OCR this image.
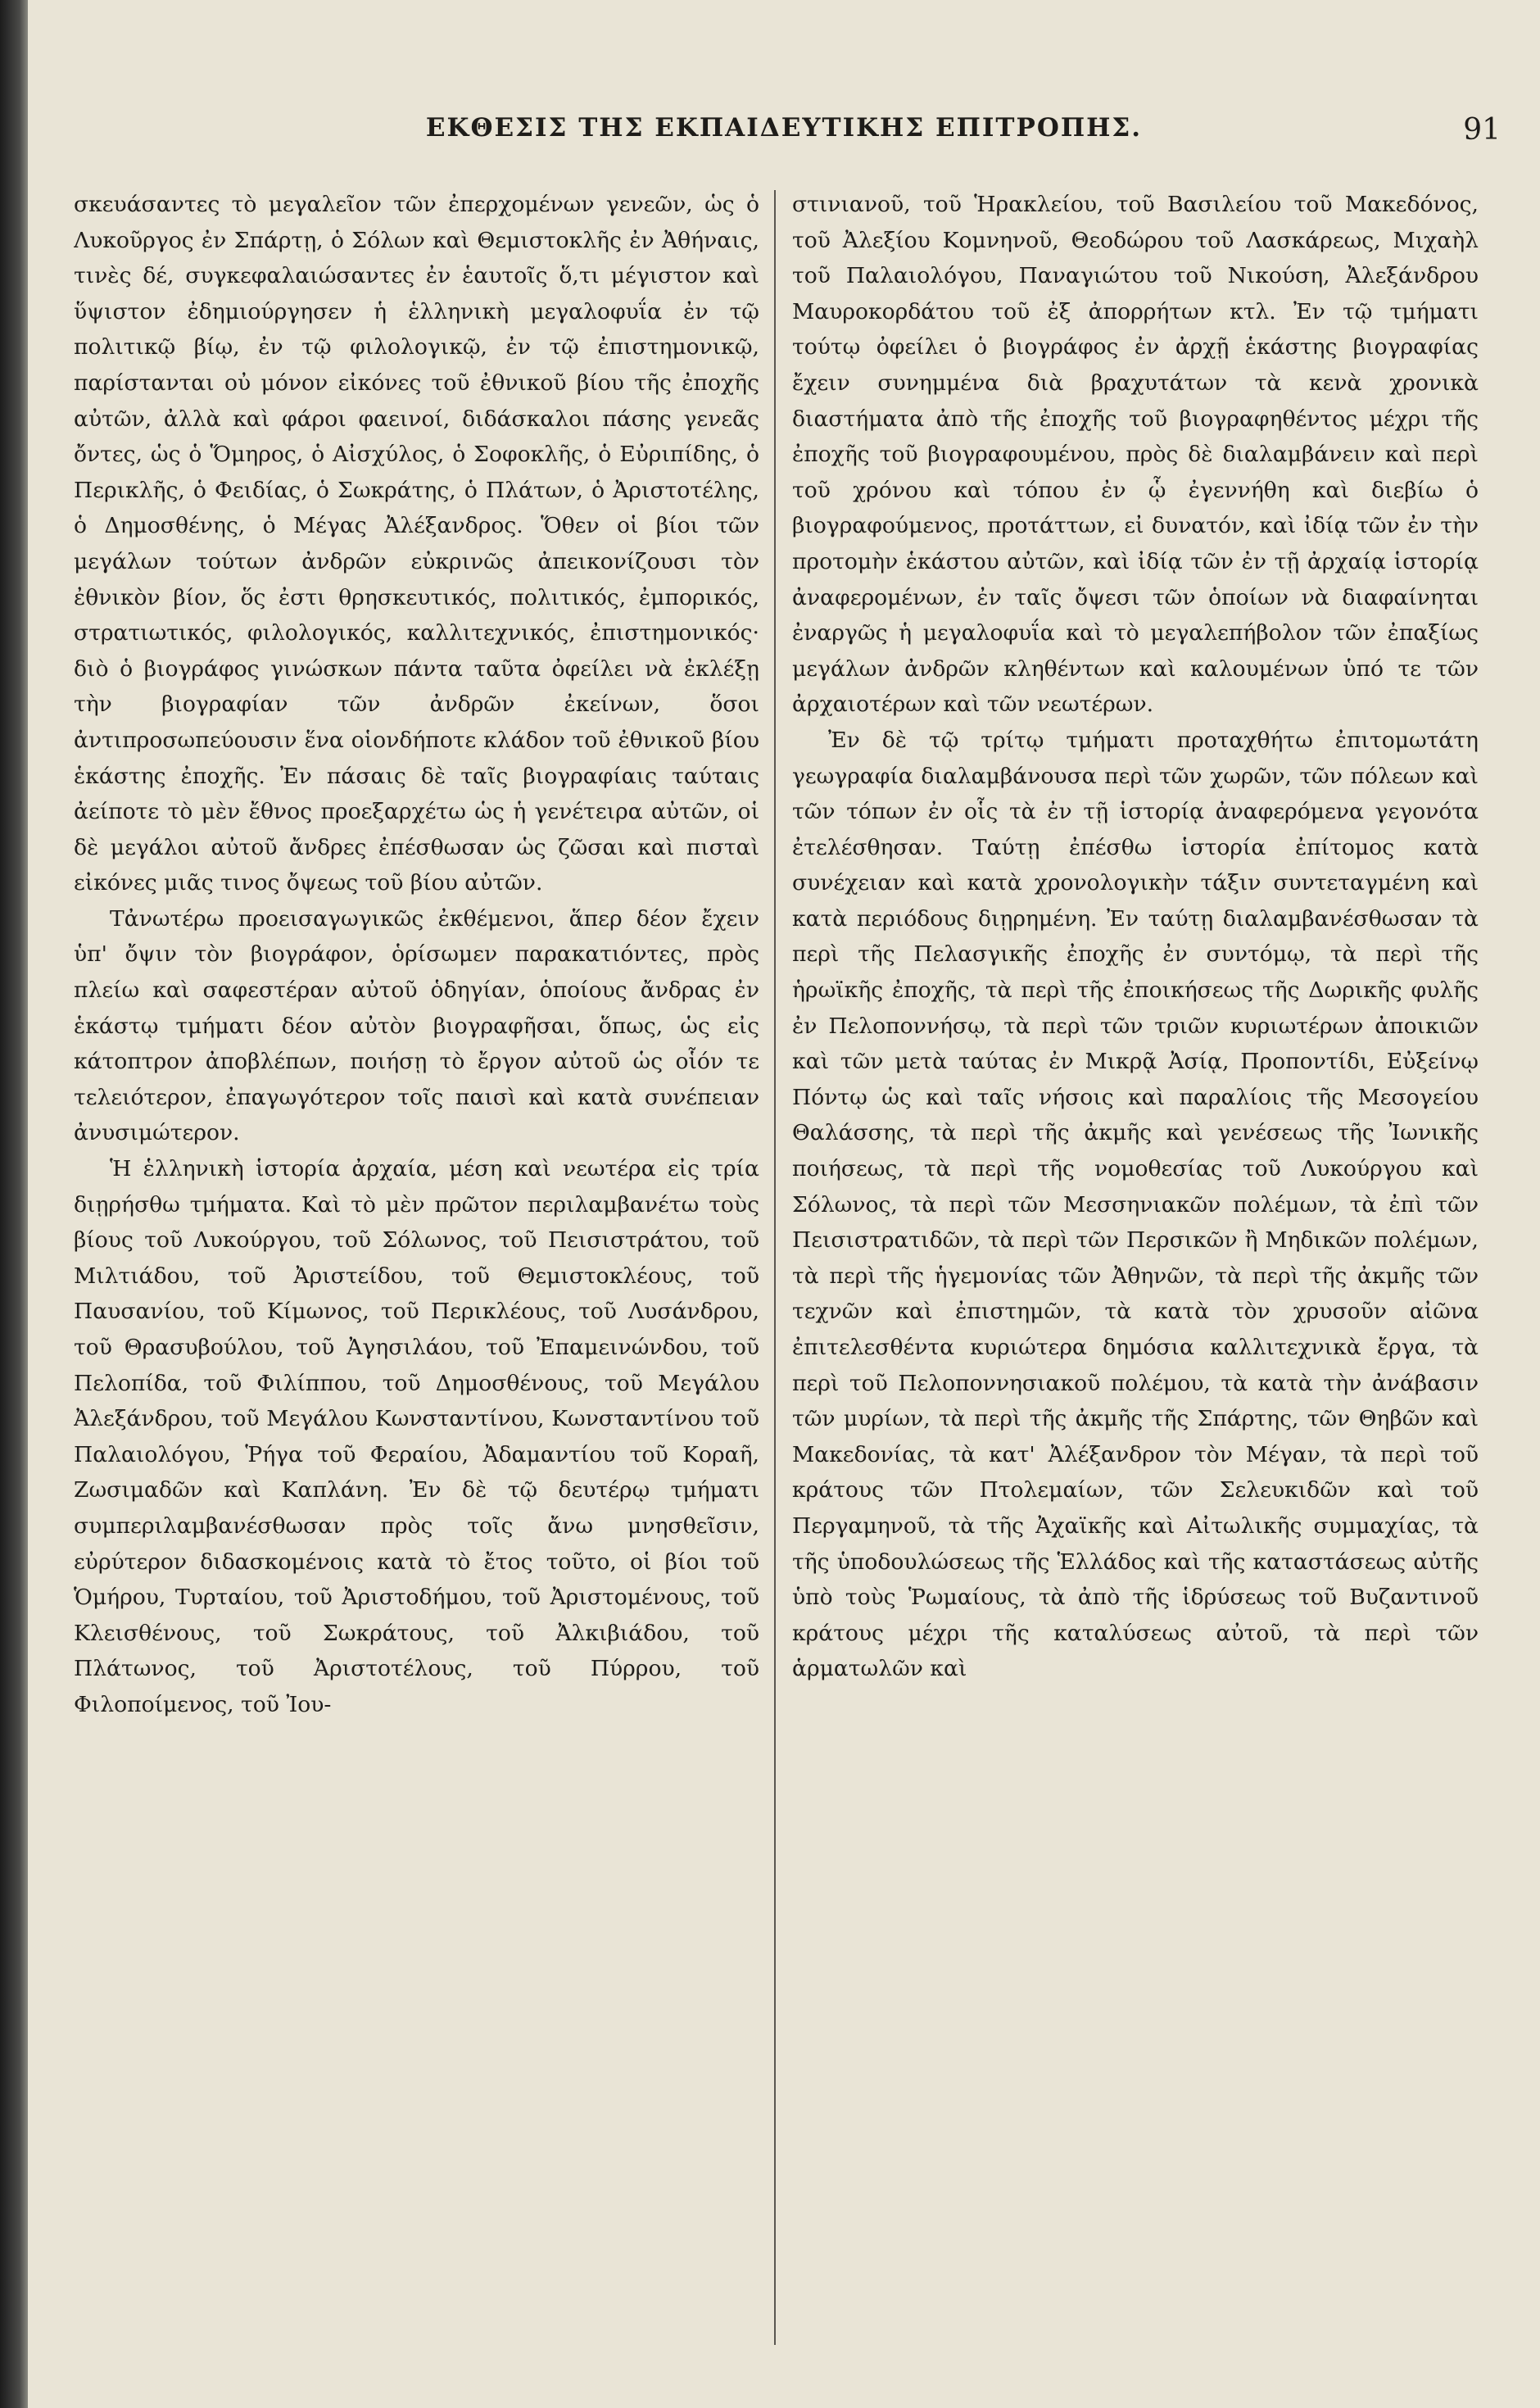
ΕΚΘΕΣΙΣ ΤΗΣ ΕΚΠΑΙΔΕΥΤΙΚΗΣ ΕΠΙΤΡΟΠΗΣ.	91

σκευάσαντες τὸ μεγαλεῖον τῶν ἐπερχομένων γενεῶν, ὡς ὁ Λυκοῦργος ἐν Σπάρτῃ, ὁ Σόλων καὶ Θεμιστοκλῆς ἐν Ἀθήναις, τινὲς δέ, συγκεφαλαιώσαντες ἐν ἑαυτοῖς ὅ,τι μέγιστον καὶ ὕψιστον ἐδημιούργησεν ἡ ἑλληνικὴ μεγαλοφυΐα ἐν τῷ πολιτικῷ βίῳ, ἐν τῷ φιλολογικῷ, ἐν τῷ ἐπιστημονικῷ, παρίστανται οὐ μόνον εἰκόνες τοῦ ἐθνικοῦ βίου τῆς ἐποχῆς αὐτῶν, ἀλλὰ καὶ φάροι φαεινοί, διδάσκαλοι πάσης γενεᾶς ὄντες, ὡς ὁ Ὅμηρος, ὁ Αἰσχύλος, ὁ Σοφοκλῆς, ὁ Εὐριπίδης, ὁ Περικλῆς, ὁ Φειδίας, ὁ Σωκράτης, ὁ Πλάτων, ὁ Ἀριστοτέλης, ὁ Δημοσθένης, ὁ Μέγας Ἀλέξανδρος. Ὅθεν οἱ βίοι τῶν μεγάλων τούτων ἀνδρῶν εὐκρινῶς ἀπεικονίζουσι τὸν ἐθνικὸν βίον, ὅς ἐστι θρησκευτικός, πολιτικός, ἐμπορικός, στρατιωτικός, φιλολογικός, καλλιτεχνικός, ἐπιστημονικός· διὸ ὁ βιογράφος γινώσκων πάντα ταῦτα ὀφείλει νὰ ἐκλέξῃ τὴν βιογραφίαν τῶν ἀνδρῶν ἐκείνων, ὅσοι ἀντιπροσωπεύουσιν ἕνα οἱονδήποτε κλάδον τοῦ ἐθνικοῦ βίου ἑκάστης ἐποχῆς. Ἐν πάσαις δὲ ταῖς βιογραφίαις ταύταις ἀείποτε τὸ μὲν ἔθνος προεξαρχέτω ὡς ἡ γενέτειρα αὐτῶν, οἱ δὲ μεγάλοι αὐτοῦ ἄνδρες ἐπέσθωσαν ὡς ζῶσαι καὶ πισταὶ εἰκόνες μιᾶς τινος ὄψεως τοῦ βίου αὐτῶν.

Τἀνωτέρω προεισαγωγικῶς ἐκθέμενοι, ἅπερ δέον ἔχειν ὑπ' ὄψιν τὸν βιογράφον, ὁρίσωμεν παρακατιόντες, πρὸς πλείω καὶ σαφεστέραν αὐτοῦ ὁδηγίαν, ὁποίους ἄνδρας ἐν ἑκάστῳ τμήματι δέον αὐτὸν βιογραφῆσαι, ὅπως, ὡς εἰς κάτοπτρον ἀποβλέπων, ποιήσῃ τὸ ἔργον αὐτοῦ ὡς οἷόν τε τελειότερον, ἐπαγωγότερον τοῖς παισὶ καὶ κατὰ συνέπειαν ἀνυσιμώτερον.

Ἡ ἑλληνικὴ ἱστορία ἀρχαία, μέση καὶ νεωτέρα εἰς τρία διῃρήσθω τμήματα. Καὶ τὸ μὲν πρῶτον περιλαμβανέτω τοὺς βίους τοῦ Λυκούργου, τοῦ Σόλωνος, τοῦ Πεισιστράτου, τοῦ Μιλτιάδου, τοῦ Ἀριστείδου, τοῦ Θεμιστοκλέους, τοῦ Παυσανίου, τοῦ Κίμωνος, τοῦ Περικλέους, τοῦ Λυσάνδρου, τοῦ Θρασυβούλου, τοῦ Ἀγησιλάου, τοῦ Ἐπαμεινώνδου, τοῦ Πελοπίδα, τοῦ Φιλίππου, τοῦ Δημοσθένους, τοῦ Μεγάλου Ἀλεξάνδρου, τοῦ Μεγάλου Κωνσταντίνου, Κωνσταντίνου τοῦ Παλαιολόγου, Ῥήγα τοῦ Φεραίου, Ἀδαμαντίου τοῦ Κοραῆ, Ζωσιμαδῶν καὶ Καπλάνη. Ἐν δὲ τῷ δευτέρῳ τμήματι συμπεριλαμβανέσθωσαν πρὸς τοῖς ἄνω μνησθεῖσιν, εὐρύτερον διδασκομένοις κατὰ τὸ ἔτος τοῦτο, οἱ βίοι τοῦ Ὁμήρου, Τυρταίου, τοῦ Ἀριστοδήμου, τοῦ Ἀριστομένους, τοῦ Κλεισθένους, τοῦ Σωκράτους, τοῦ Ἀλκιβιάδου, τοῦ Πλάτωνος, τοῦ Ἀριστοτέλους, τοῦ Πύρρου, τοῦ Φιλοποίμενος, τοῦ Ἰου-

στινιανοῦ, τοῦ Ἡρακλείου, τοῦ Βασιλείου τοῦ Μακεδόνος, τοῦ Ἀλεξίου Κομνηνοῦ, Θεοδώρου τοῦ Λασκάρεως, Μιχαὴλ τοῦ Παλαιολόγου, Παναγιώτου τοῦ Νικούση, Ἀλεξάνδρου Μαυροκορδάτου τοῦ ἐξ ἀπορρήτων κτλ. Ἐν τῷ τμήματι τούτῳ ὀφείλει ὁ βιογράφος ἐν ἀρχῇ ἑκάστης βιογραφίας ἔχειν συνημμένα διὰ βραχυτάτων τὰ κενὰ χρονικὰ διαστήματα ἀπὸ τῆς ἐποχῆς τοῦ βιογραφηθέντος μέχρι τῆς ἐποχῆς τοῦ βιογραφουμένου, πρὸς δὲ διαλαμβάνειν καὶ περὶ τοῦ χρόνου καὶ τόπου ἐν ᾧ ἐγεννήθη καὶ διεβίω ὁ βιογραφούμενος, προτάττων, εἰ δυνατόν, καὶ ἰδίᾳ τῶν ἐν τὴν προτομὴν ἑκάστου αὐτῶν, καὶ ἰδίᾳ τῶν ἐν τῇ ἀρχαίᾳ ἱστορίᾳ ἀναφερομένων, ἐν ταῖς ὄψεσι τῶν ὁποίων νὰ διαφαίνηται ἐναργῶς ἡ μεγαλοφυΐα καὶ τὸ μεγαλεπήβολον τῶν ἐπαξίως μεγάλων ἀνδρῶν κληθέντων καὶ καλουμένων ὑπό τε τῶν ἀρχαιοτέρων καὶ τῶν νεωτέρων.

Ἐν δὲ τῷ τρίτῳ τμήματι προταχθήτω ἐπιτομωτάτη γεωγραφία διαλαμβάνουσα περὶ τῶν χωρῶν, τῶν πόλεων καὶ τῶν τόπων ἐν οἷς τὰ ἐν τῇ ἱστορίᾳ ἀναφερόμενα γεγονότα ἐτελέσθησαν. Ταύτῃ ἐπέσθω ἱστορία ἐπίτομος κατὰ συνέχειαν καὶ κατὰ χρονολογικὴν τάξιν συντεταγμένη καὶ κατὰ περιόδους διῃρημένη. Ἐν ταύτῃ διαλαμβανέσθωσαν τὰ περὶ τῆς Πελασγικῆς ἐποχῆς ἐν συντόμῳ, τὰ περὶ τῆς ἡρωϊκῆς ἐποχῆς, τὰ περὶ τῆς ἐποικήσεως τῆς Δωρικῆς φυλῆς ἐν Πελοποννήσῳ, τὰ περὶ τῶν τριῶν κυριωτέρων ἀποικιῶν καὶ τῶν μετὰ ταύτας ἐν Μικρᾷ Ἀσίᾳ, Προποντίδι, Εὐξείνῳ Πόντῳ ὡς καὶ ταῖς νήσοις καὶ παραλίοις τῆς Μεσογείου Θαλάσσης, τὰ περὶ τῆς ἀκμῆς καὶ γενέσεως τῆς Ἰωνικῆς ποιήσεως, τὰ περὶ τῆς νομοθεσίας τοῦ Λυκούργου καὶ Σόλωνος, τὰ περὶ τῶν Μεσσηνιακῶν πολέμων, τὰ ἐπὶ τῶν Πεισιστρατιδῶν, τὰ περὶ τῶν Περσικῶν ἢ Μηδικῶν πολέμων, τὰ περὶ τῆς ἡγεμονίας τῶν Ἀθηνῶν, τὰ περὶ τῆς ἀκμῆς τῶν τεχνῶν καὶ ἐπιστημῶν, τὰ κατὰ τὸν χρυσοῦν αἰῶνα ἐπιτελεσθέντα κυριώτερα δημόσια καλλιτεχνικὰ ἔργα, τὰ περὶ τοῦ Πελοποννησιακοῦ πολέμου, τὰ κατὰ τὴν ἀνάβασιν τῶν μυρίων, τὰ περὶ τῆς ἀκμῆς τῆς Σπάρτης, τῶν Θηβῶν καὶ Μακεδονίας, τὰ κατ' Ἀλέξανδρον τὸν Μέγαν, τὰ περὶ τοῦ κράτους τῶν Πτολεμαίων, τῶν Σελευκιδῶν καὶ τοῦ Περγαμηνοῦ, τὰ τῆς Ἀχαϊκῆς καὶ Αἰτωλικῆς συμμαχίας, τὰ τῆς ὑποδουλώσεως τῆς Ἑλλάδος καὶ τῆς καταστάσεως αὐτῆς ὑπὸ τοὺς Ῥωμαίους, τὰ ἀπὸ τῆς ἱδρύσεως τοῦ Βυζαντινοῦ κράτους μέχρι τῆς καταλύσεως αὐτοῦ, τὰ περὶ τῶν ἁρματωλῶν καὶ
